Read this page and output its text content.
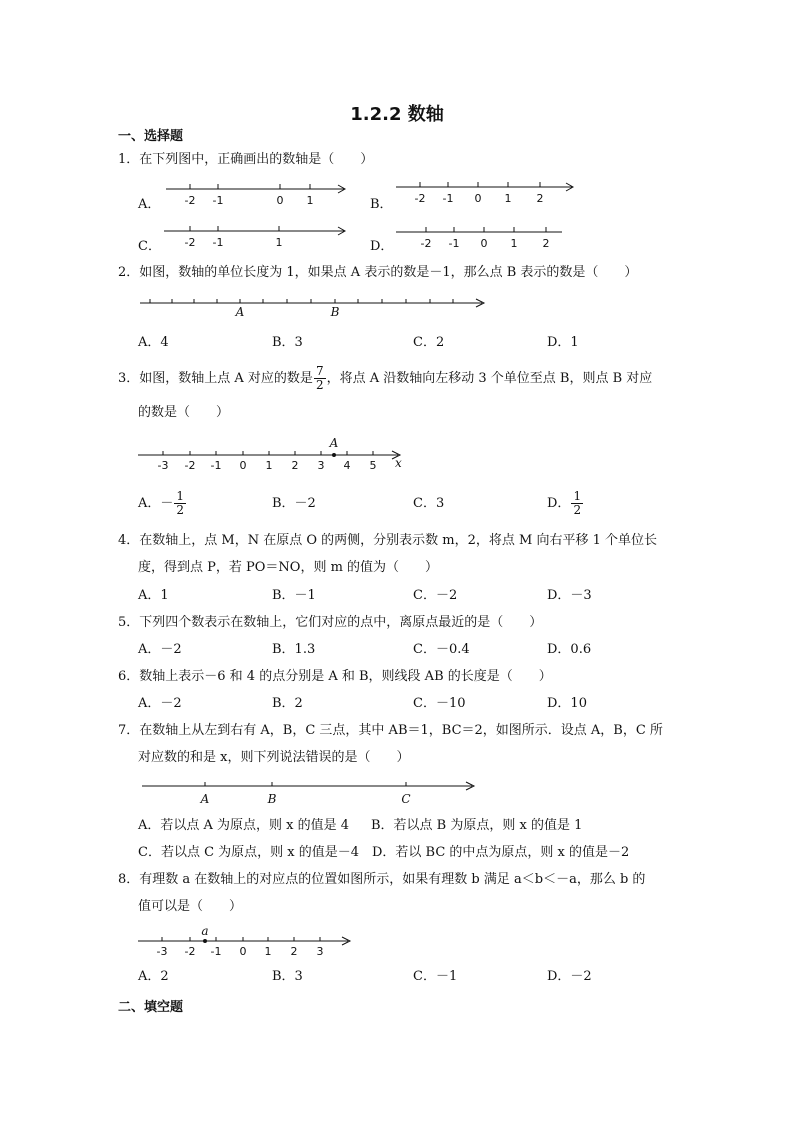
1.2.2 数轴
一、选择题
1．在下列图中，正确画出的数轴是（　　）
A．	B．
C．	D．
-2 -1	0 1	-2 -1 0 1 2
-2 -1	1	-2 -1 0 1 2
A	B
A
x
-3 -2 -1 0 1 2 3 4 5
A	B	C
a
-3 -2 -1 0 1 2 3
2．如图，数轴的单位长度为 1，如果点 A 表示的数是－1，那么点 B 表示的数是（　　）
A．4	B．3	C．2	D．1
3．如图，数轴上点 A 对应的数是 $\frac{7}{2}$ ，将点 A 沿数轴向左移动 3 个单位至点 B，则点 B 对应
的数是（　　）
A．－ $\frac{1}{2}$	B．－2	C．3	D． $\frac{1}{2}$
4．在数轴上，点 M，N 在原点 O 的两侧，分别表示数 m，2，将点 M 向右平移 1 个单位长
度，得到点 P，若 PO＝NO，则 m 的值为（　　）
A．1	B．－1	C．－2	D．－3
5．下列四个数表示在数轴上，它们对应的点中，离原点最近的是（　　）
A．－2	B．1.3	C．－0.4	D．0.6
6．数轴上表示－6 和 4 的点分别是 A 和 B，则线段 AB 的长度是（　　）
A．－2	B．2	C．－10	D．10
7．在数轴上从左到右有 A，B，C 三点，其中 AB＝1，BC＝2，如图所示．设点 A，B，C 所
对应数的和是 x，则下列说法错误的是（　　）
A．若以点 A 为原点，则 x 的值是 4 B．若以点 B 为原点，则 x 的值是 1
C．若以点 C 为原点，则 x 的值是－4 D．若以 BC 的中点为原点，则 x 的值是－2
8．有理数 a 在数轴上的对应点的位置如图所示，如果有理数 b 满足 a＜b＜－a，那么 b 的
值可以是（　　）
A．2	B．3	C．－1	D．－2
二、填空题
